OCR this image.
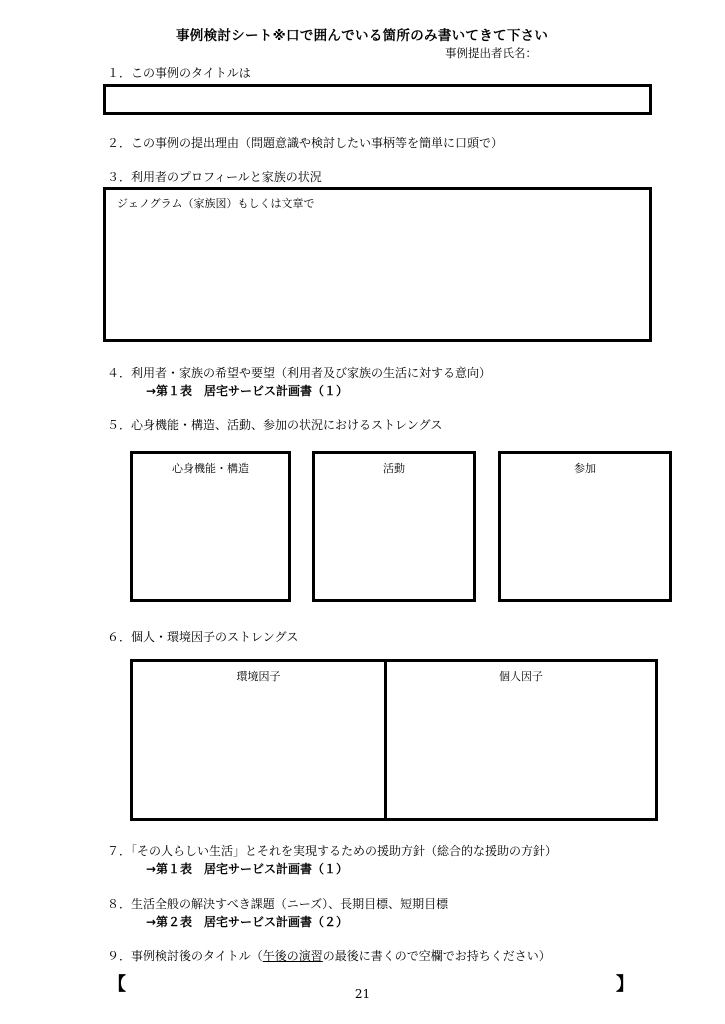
事例検討シート※口で囲んでいる箇所のみ書いてきて下さい
事例提出者氏名：
１．この事例のタイトルは
２．この事例の提出理由（問題意識や検討したい事柄等を簡単に口頭で）
３．利用者のプロフィールと家族の状況
ジェノグラム（家族図）もしくは文章で
４．利用者・家族の希望や要望（利用者及び家族の生活に対する意向）
→第１表　居宅サービス計画書（１）
５．心身機能・構造、活動、参加の状況におけるストレングス
心身機能・構造	活動	参加
６．個人・環境因子のストレングス
環境因子	個人因子
７．「その人らしい生活」とそれを実現するための援助方針（総合的な援助の方針）
→第１表　居宅サービス計画書（１）
８．生活全般の解決すべき課題（ニーズ）、長期目標、短期目標
→第２表　居宅サービス計画書（２）
９．事例検討後のタイトル（午後の演習の最後に書くので空欄でお持ちください）
【	】
21
